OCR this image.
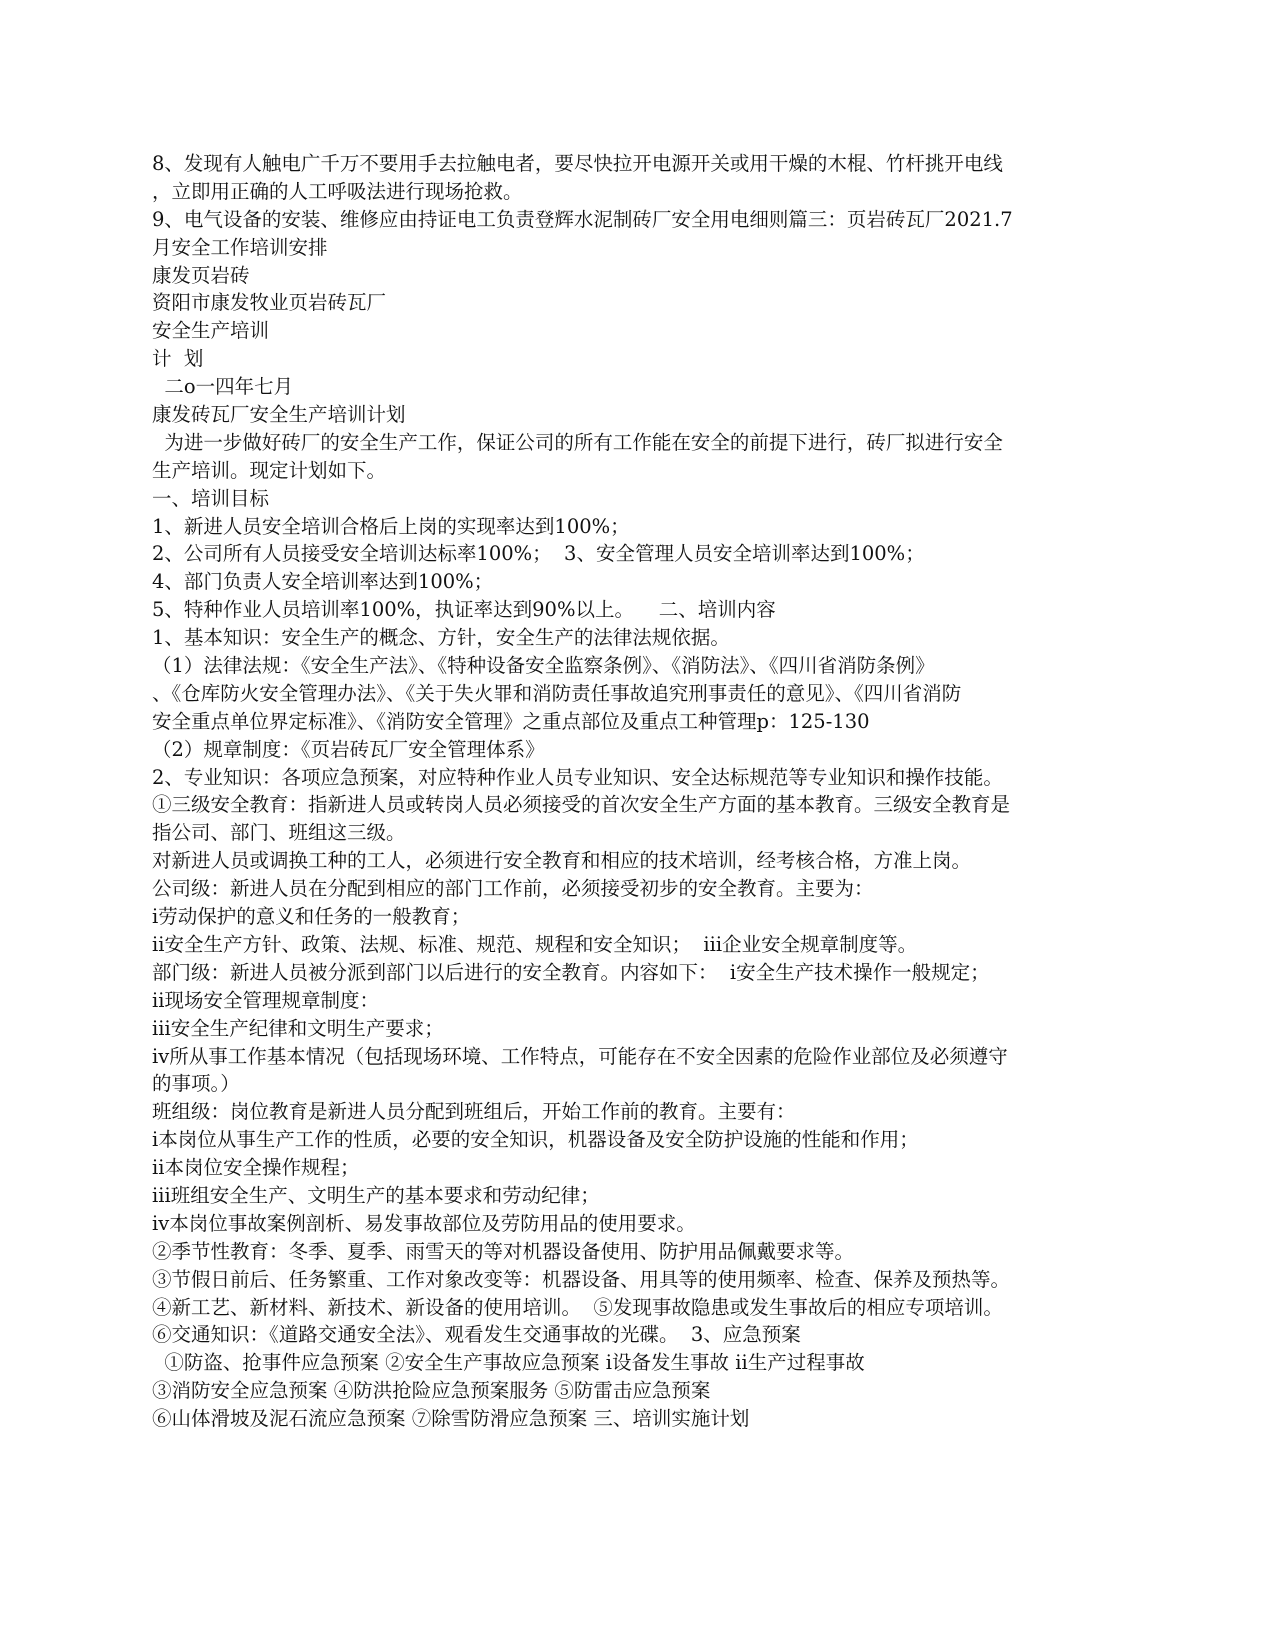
8、发现有人触电广千万不要用手去拉触电者，要尽快拉开电源开关或用干燥的木棍、竹杆挑开电线

，立即用正确的人工呼吸法进行现场抢救。

9、电气设备的安装、维修应由持证电工负责登辉水泥制砖厂安全用电细则篇三：页岩砖瓦厂2021.7

月安全工作培训安排

康发页岩砖

资阳市康发牧业页岩砖瓦厂

安全生产培训

计  划

二o一四年七月

康发砖瓦厂安全生产培训计划

为进一步做好砖厂的安全生产工作，保证公司的所有工作能在安全的前提下进行，砖厂拟进行安全

生产培训。现定计划如下。

一、培训目标

1、新进人员安全培训合格后上岗的实现率达到100%；

2、公司所有人员接受安全培训达标率100%；  3、安全管理人员安全培训率达到100%；

4、部门负责人安全培训率达到100%；

5、特种作业人员培训率100%，执证率达到90%以上。    二、培训内容

1、基本知识：安全生产的概念、方针，安全生产的法律法规依据。

（1）法律法规：《安全生产法》、《特种设备安全监察条例》、《消防法》、《四川省消防条例》

、《仓库防火安全管理办法》、《关于失火罪和消防责任事故追究刑事责任的意见》、《四川省消防

安全重点单位界定标准》、《消防安全管理》之重点部位及重点工种管理p：125-130

（2）规章制度：《页岩砖瓦厂安全管理体系》

2、专业知识：各项应急预案，对应特种作业人员专业知识、安全达标规范等专业知识和操作技能。

①三级安全教育：指新进人员或转岗人员必须接受的首次安全生产方面的基本教育。三级安全教育是

指公司、部门、班组这三级。

对新进人员或调换工种的工人，必须进行安全教育和相应的技术培训，经考核合格，方准上岗。

公司级：新进人员在分配到相应的部门工作前，必须接受初步的安全教育。主要为：

ⅰ劳动保护的意义和任务的一般教育；

ⅱ安全生产方针、政策、法规、标准、规范、规程和安全知识；  ⅲ企业安全规章制度等。

部门级：新进人员被分派到部门以后进行的安全教育。内容如下：  ⅰ安全生产技术操作一般规定；

ⅱ现场安全管理规章制度：

ⅲ安全生产纪律和文明生产要求；

ⅳ所从事工作基本情况（包括现场环境、工作特点，可能存在不安全因素的危险作业部位及必须遵守

的事项。）

班组级：岗位教育是新进人员分配到班组后，开始工作前的教育。主要有：

ⅰ本岗位从事生产工作的性质，必要的安全知识，机器设备及安全防护设施的性能和作用；

ⅱ本岗位安全操作规程；

ⅲ班组安全生产、文明生产的基本要求和劳动纪律；

ⅳ本岗位事故案例剖析、易发事故部位及劳防用品的使用要求。

②季节性教育：冬季、夏季、雨雪天的等对机器设备使用、防护用品佩戴要求等。

③节假日前后、任务繁重、工作对象改变等：机器设备、用具等的使用频率、检查、保养及预热等。

④新工艺、新材料、新技术、新设备的使用培训。  ⑤发现事故隐患或发生事故后的相应专项培训。

⑥交通知识：《道路交通安全法》、观看发生交通事故的光碟。  3、应急预案

①防盗、抢事件应急预案 ②安全生产事故应急预案 ⅰ设备发生事故 ⅱ生产过程事故

③消防安全应急预案 ④防洪抢险应急预案服务 ⑤防雷击应急预案

⑥山体滑坡及泥石流应急预案 ⑦除雪防滑应急预案 三、培训实施计划
